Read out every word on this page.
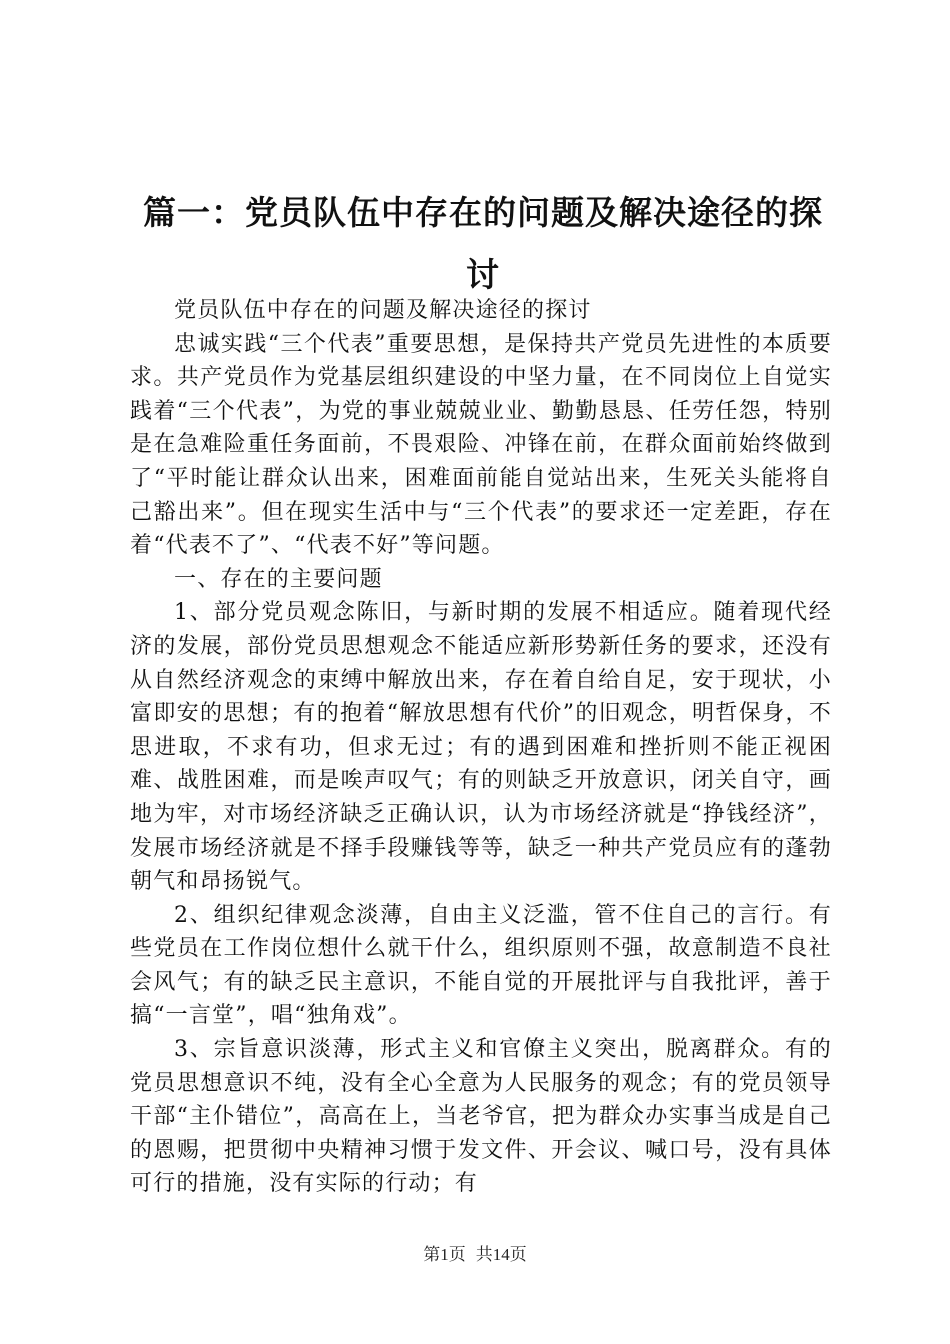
篇一：党员队伍中存在的问题及解决途径的探讨

党员队伍中存在的问题及解决途径的探讨

忠诚实践“三个代表”重要思想，是保持共产党员先进性的本质要求。共产党员作为党基层组织建设的中坚力量，在不同岗位上自觉实践着“三个代表”，为党的事业兢兢业业、勤勤恳恳、任劳任怨，特别是在急难险重任务面前，不畏艰险、冲锋在前，在群众面前始终做到了“平时能让群众认出来，困难面前能自觉站出来，生死关头能将自己豁出来”。但在现实生活中与“三个代表”的要求还一定差距，存在着“代表不了”、“代表不好”等问题。

一、存在的主要问题

1、部分党员观念陈旧，与新时期的发展不相适应。随着现代经济的发展，部份党员思想观念不能适应新形势新任务的要求，还没有从自然经济观念的束缚中解放出来，存在着自给自足，安于现状，小富即安的思想；有的抱着“解放思想有代价”的旧观念，明哲保身，不思进取，不求有功，但求无过；有的遇到困难和挫折则不能正视困难、战胜困难，而是唉声叹气；有的则缺乏开放意识，闭关自守，画地为牢，对市场经济缺乏正确认识，认为市场经济就是“挣钱经济”，发展市场经济就是不择手段赚钱等等，缺乏一种共产党员应有的蓬勃朝气和昂扬锐气。

2、组织纪律观念淡薄，自由主义泛滥，管不住自己的言行。有些党员在工作岗位想什么就干什么，组织原则不强，故意制造不良社会风气；有的缺乏民主意识，不能自觉的开展批评与自我批评，善于搞“一言堂”，唱“独角戏”。

3、宗旨意识淡薄，形式主义和官僚主义突出，脱离群众。有的党员思想意识不纯，没有全心全意为人民服务的观念；有的党员领导干部“主仆错位”，高高在上，当老爷官，把为群众办实事当成是自己的恩赐，把贯彻中央精神习惯于发文件、开会议、喊口号，没有具体可行的措施，没有实际的行动；有

第1页 共14页
